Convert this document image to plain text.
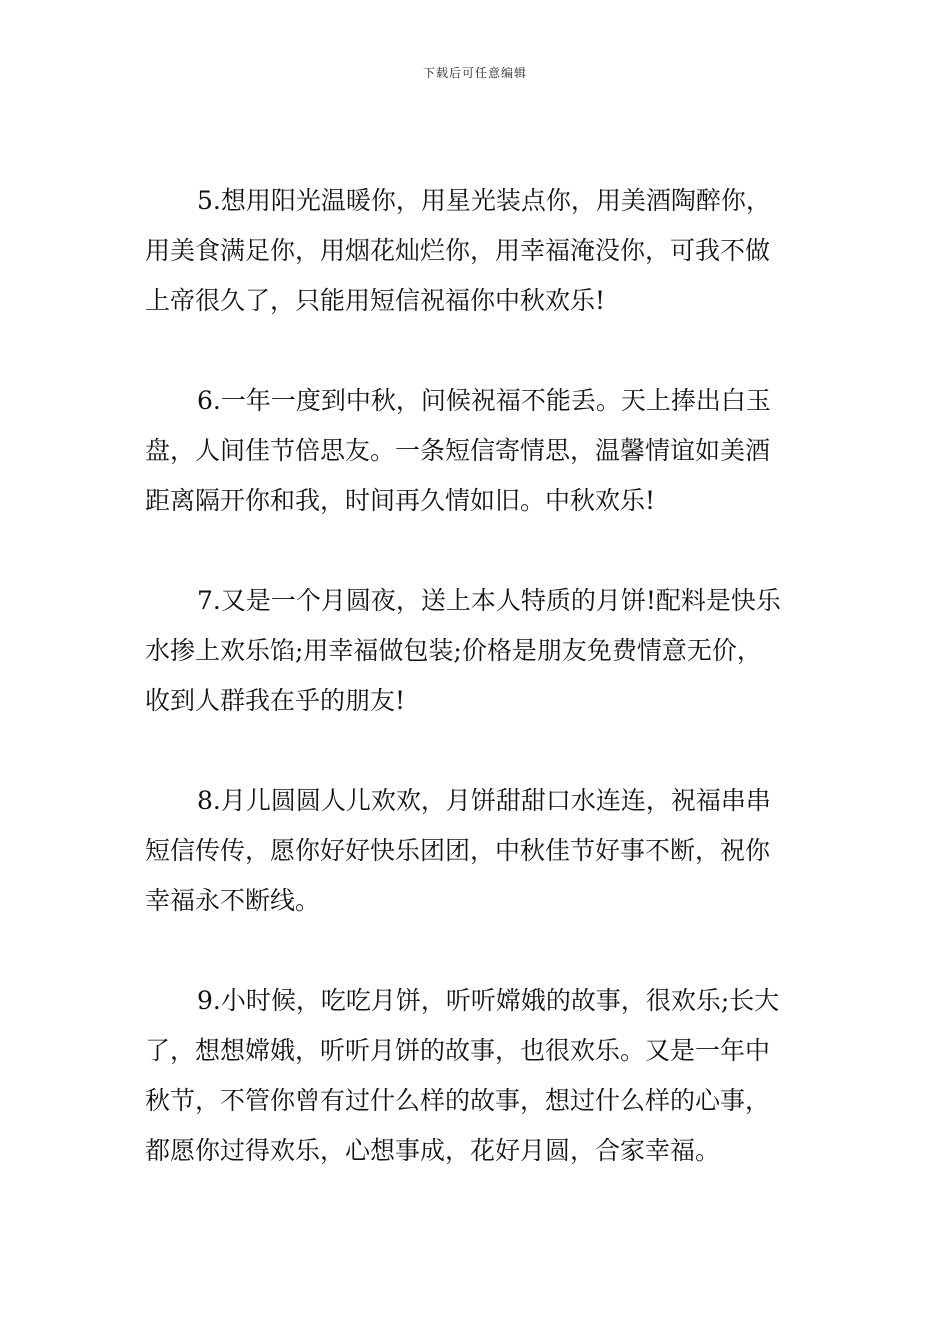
下载后可任意编辑
5.想用阳光温暖你，用星光装点你，用美酒陶醉你，
用美食满足你，用烟花灿烂你，用幸福淹没你，可我不做
上帝很久了，只能用短信祝福你中秋欢乐!
6.一年一度到中秋，问候祝福不能丢。天上捧出白玉
盘，人间佳节倍思友。一条短信寄情思，温馨情谊如美酒
距离隔开你和我，时间再久情如旧。中秋欢乐!
7.又是一个月圆夜，送上本人特质的月饼!配料是快乐
水掺上欢乐馅;用幸福做包装;价格是朋友免费情意无价，
收到人群我在乎的朋友!
8.月儿圆圆人儿欢欢，月饼甜甜口水连连，祝福串串
短信传传，愿你好好快乐团团，中秋佳节好事不断，祝你
幸福永不断线。
9.小时候，吃吃月饼，听听嫦娥的故事，很欢乐;长大
了，想想嫦娥，听听月饼的故事，也很欢乐。又是一年中
秋节，不管你曾有过什么样的故事，想过什么样的心事，
都愿你过得欢乐，心想事成，花好月圆，合家幸福。
